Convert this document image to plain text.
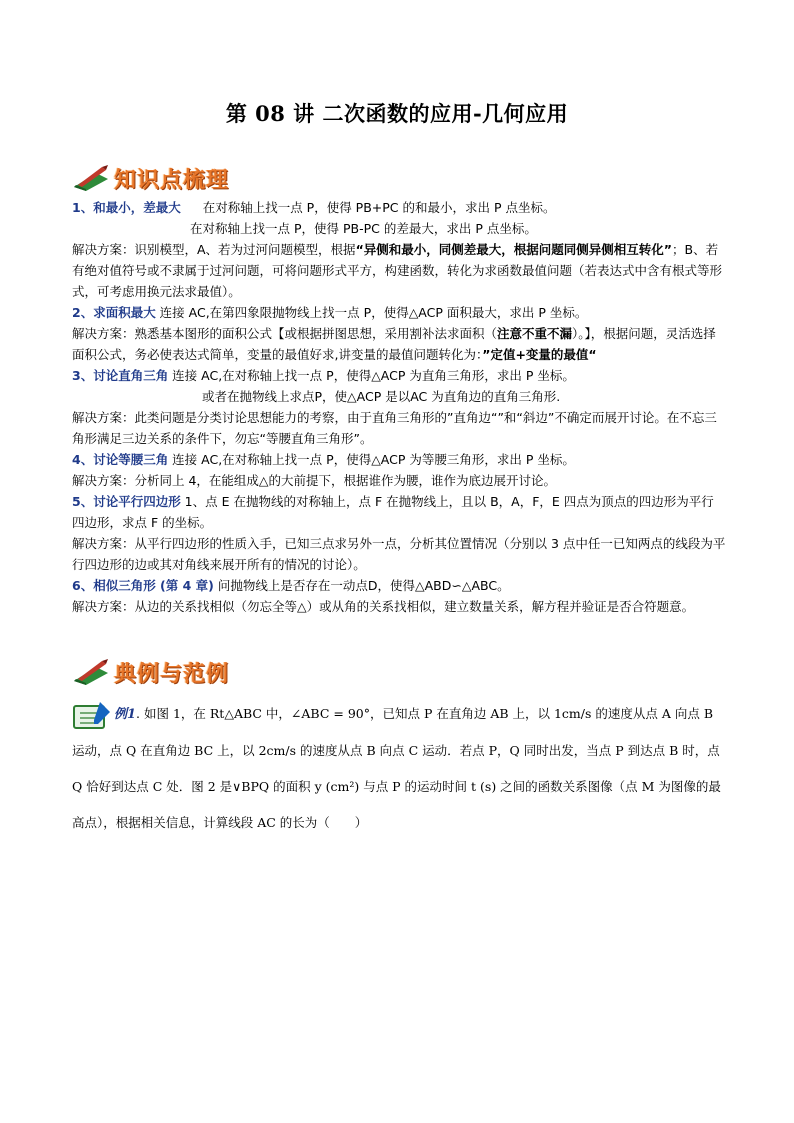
第 08 讲 二次函数的应用-几何应用
知识点梳理

1、和最小，差最大 在对称轴上找一点 P，使得 PB+PC 的和最小，求出 P 点坐标。

在对称轴上找一点 P，使得 PB-PC 的差最大，求出 P 点坐标。

解决方案：识别模型，A、若为过河问题模型，根据“异侧和最小，同侧差最大，根据问题同侧异侧相互转化”；B、若有绝对值符号或不隶属于过河问题，可将问题形式平方，构建函数，转化为求函数最值问题（若表达式中含有根式等形式，可考虑用换元法求最值）。

2、求面积最大 连接 AC,在第四象限抛物线上找一点 P，使得△ACP 面积最大，求出 P 坐标。

解决方案：熟悉基本图形的面积公式【或根据拼图思想，采用割补法求面积（注意不重不漏）。】，根据问题，灵活选择面积公式，务必使表达式简单，变量的最值好求,讲变量的最值问题转化为：”定值+变量的最值“

3、讨论直角三角 连接 AC,在对称轴上找一点 P，使得△ACP 为直角三角形，求出 P 坐标。

或者在抛物线上求点P，使△ACP 是以AC 为直角边的直角三角形.

解决方案：此类问题是分类讨论思想能力的考察，由于直角三角形的”直角边“”和“斜边”不确定而展开讨论。在不忘三角形满足三边关系的条件下，勿忘“等腰直角三角形”。

4、讨论等腰三角 连接 AC,在对称轴上找一点 P，使得△ACP 为等腰三角形，求出 P 坐标。

解决方案：分析同上 4，在能组成△的大前提下，根据谁作为腰，谁作为底边展开讨论。

5、讨论平行四边形 1、点 E 在抛物线的对称轴上，点 F 在抛物线上，且以 B，A，F，E 四点为顶点的四边形为平行四边形，求点 F 的坐标。

解决方案：从平行四边形的性质入手，已知三点求另外一点，分析其位置情况（分别以 3 点中任一已知两点的线段为平行四边形的边或其对角线来展开所有的情况的讨论）。

6、相似三角形 (第 4 章) 问抛物线上是否存在一动点D，使得△ABD∽△ABC。

解决方案：从边的关系找相似（勿忘全等△）或从角的关系找相似，建立数量关系，解方程并验证是否合符题意。

典例与范例
例1. 如图 1，在 Rt△ABC 中，∠ABC = 90°，已知点 P 在直角边 AB 上，以 1cm/s 的速度从点 A 向点 B 运动，点 Q 在直角边 BC 上，以 2cm/s 的速度从点 B 向点 C 运动．若点 P，Q 同时出发，当点 P 到达点 B 时，点 Q 恰好到达点 C 处．图 2 是∨BPQ 的面积 y (cm²) 与点 P 的运动时间 t (s) 之间的函数关系图像（点 M 为图像的最高点），根据相关信息，计算线段 AC 的长为（　　）
